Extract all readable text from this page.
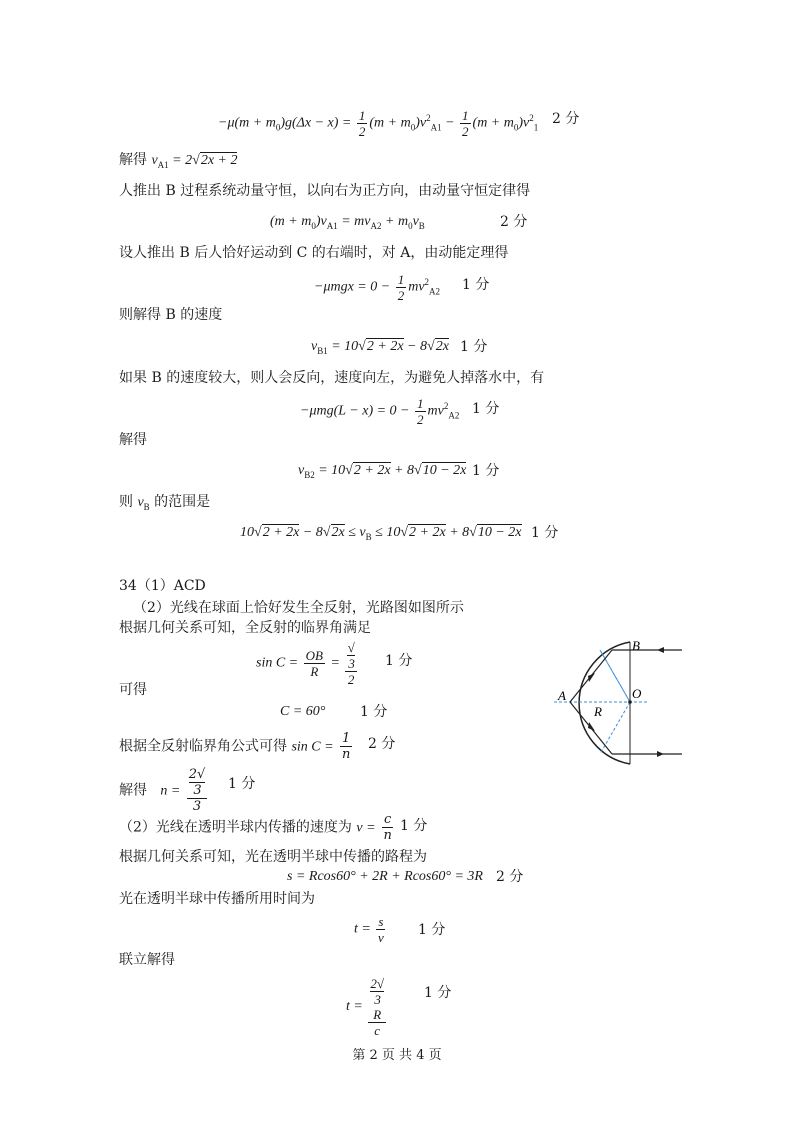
$-\mu(m + m_0)g(\Delta x - x) = \frac{1}{2} (m + m_0)v^2_{A1} - \frac{1}{2} (m + m_0)v^2_1$
2 分
解得 $v_{A1} = 2√2x + 2$
人推出 B 过程系统动量守恒，以向右为正方向，由动量守恒定律得
$(m + m_0)v_{A1} = mv_{A2} + m_0v_B$	2 分
设人推出 B 后人恰好运动到 C 的右端时，对 A，由动能定理得
$-\mu mgx = 0 - \frac{1}{2} mv^2_{A2}$ 1 分
则解得 B 的速度
$v_{B1} = 10√2 + 2x - 8√2x$ 1 分
如果 B 的速度较大，则人会反向，速度向左，为避免人掉落水中，有
$-\mu mg(L - x) = 0 - \frac{1}{2} mv^2_{A2}$ 1 分
解得
$v_{B2} = 10√2 + 2x + 8√10 - 2x$ 1 分
则 $v_B$ 的范围是
$10√2 + 2x - 8√2x \le v_B \le 10√2 + 2x + 8√10 - 2x$ 1 分
34（1）ACD
（2）光线在球面上恰好发生全反射，光路图如图所示
根据几何关系可知，全反射的临界角满足
$\sin C = \frac{OB}{R}$ = √
3
2 1 分
可得
C = 60° 1 分
根据全反射临界角公式可得 $\sin C = \frac{1}{n} 2$ 分
解得   n = 2√
3
3 1 分
（2）光线在透明半球内传播的速度为 $v = \frac{c}{n} 1$ 分
根据几何关系可知，光在透明半球中传播的路程为
s = Rcos60° + 2R + Rcos60° = 3R 2 分
光在透明半球中传播所用时间为
$t = \frac{s}{v} 1$ 分
联立解得
t = 2√
3
R
c	1 分
B
A	O
R
第 2 页 共 4 页
